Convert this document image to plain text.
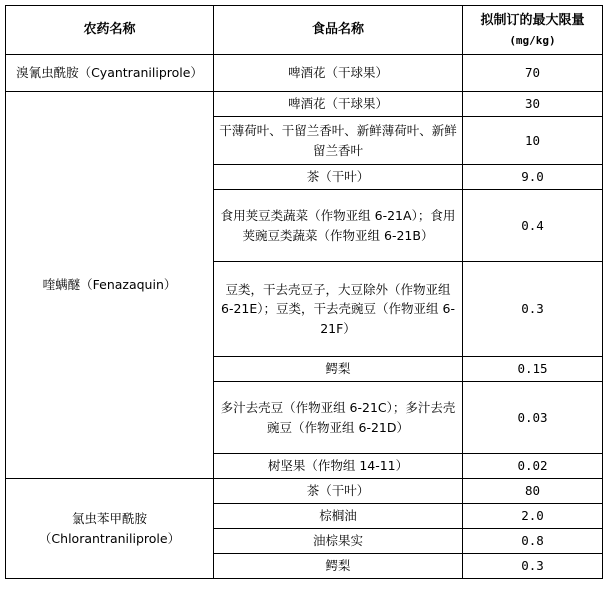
农药名称	食品名称	拟制订的最大限量
(mg/kg)

溴氰虫酰胺（Cyantraniliprole）	啤酒花（干球果）	70
喹螨醚（Fenazaquin）	啤酒花（干球果）	30
	干薄荷叶、干留兰香叶、新鲜薄荷叶、新鲜留兰香叶	10
	茶（干叶）	9.0
	食用荚豆类蔬菜（作物亚组 6-21A）；食用荚豌豆类蔬菜（作物亚组 6-21B）	0.4
	豆类，干去壳豆子，大豆除外（作物亚组 6-21E）；豆类，干去壳豌豆（作物亚组 6-21F）	0.3
	鳄梨	0.15
	多汁去壳豆（作物亚组 6-21C）；多汁去壳豌豆（作物亚组 6-21D）	0.03
	树坚果（作物组 14-11）	0.02

氯虫苯甲酰胺
（Chlorantraniliprole）	茶（干叶）	80
	棕榈油	2.0
	油棕果实	0.8
	鳄梨	0.3
